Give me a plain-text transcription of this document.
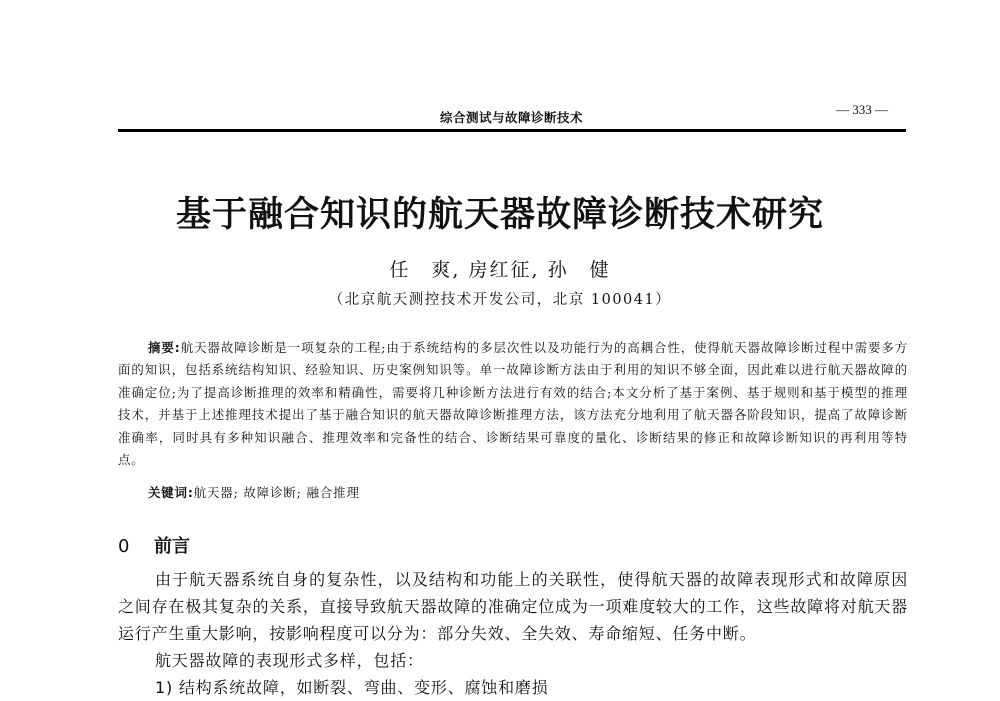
综合测试与故障诊断技术
— 333 —
基于融合知识的航天器故障诊断技术研究
任　爽, 房红征, 孙　健
（北京航天测控技术开发公司，北京 100041）
摘要:航天器故障诊断是一项复杂的工程;由于系统结构的多层次性以及功能行为的高耦合性，使得航天器故障诊断过程中需要多方面的知识，包括系统结构知识、经验知识、历史案例知识等。单一故障诊断方法由于利用的知识不够全面，因此难以进行航天器故障的准确定位;为了提高诊断推理的效率和精确性，需要将几种诊断方法进行有效的结合;本文分析了基于案例、基于规则和基于模型的推理技术，并基于上述推理技术提出了基于融合知识的航天器故障诊断推理方法，该方法充分地利用了航天器各阶段知识，提高了故障诊断准确率，同时具有多种知识融合、推理效率和完备性的结合、诊断结果可靠度的量化、诊断结果的修正和故障诊断知识的再利用等特点。
关键词:航天器; 故障诊断; 融合推理
0 前言

由于航天器系统自身的复杂性，以及结构和功能上的关联性，使得航天器的故障表现形式和故障原因之间存在极其复杂的关系，直接导致航天器故障的准确定位成为一项难度较大的工作，这些故障将对航天器运行产生重大影响，按影响程度可以分为：部分失效、全失效、寿命缩短、任务中断。

航天器故障的表现形式多样，包括：

1) 结构系统故障，如断裂、弯曲、变形、腐蚀和磨损
